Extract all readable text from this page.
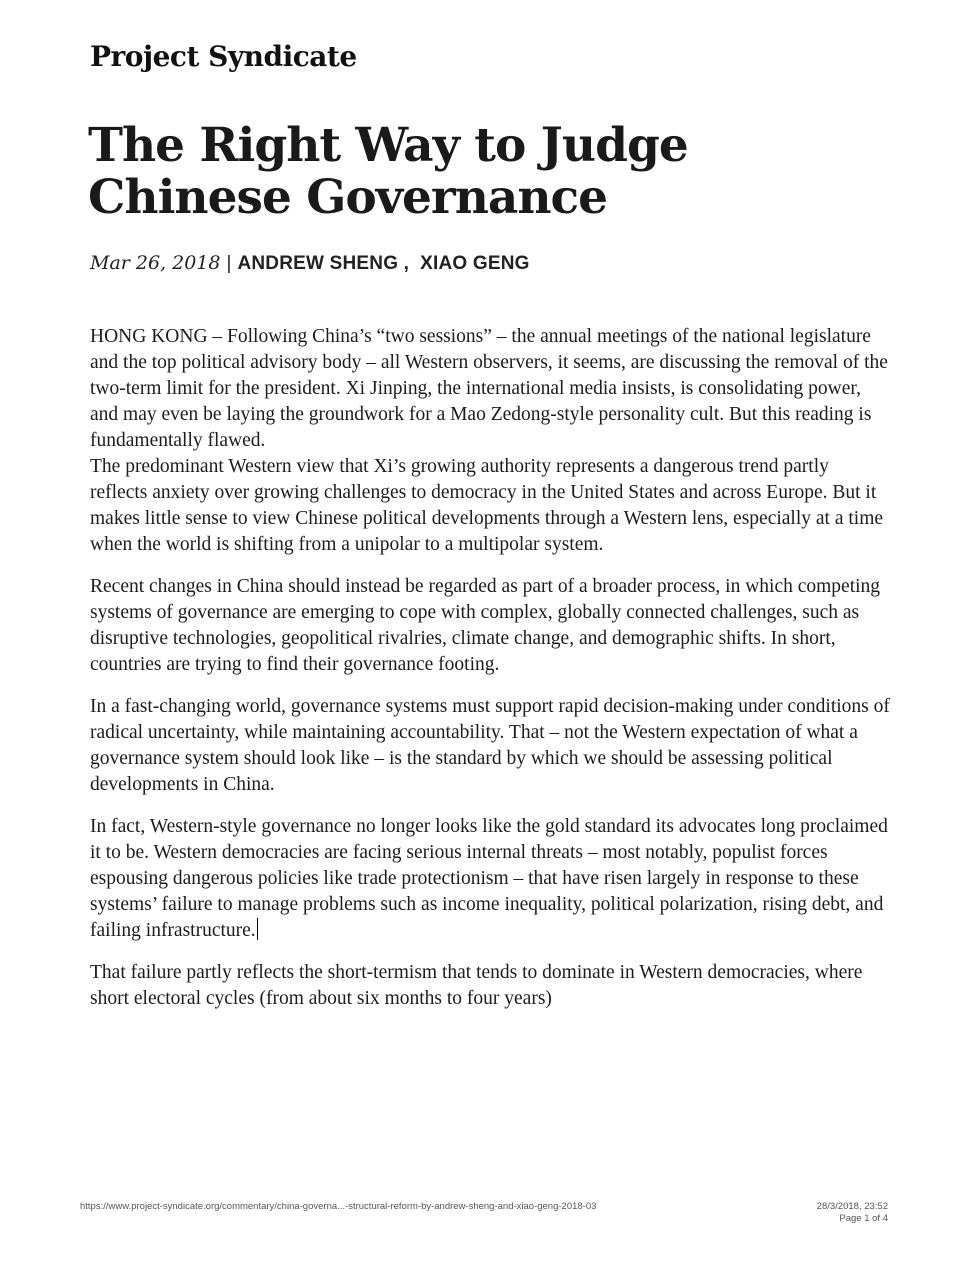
Project Syndicate
The Right Way to Judge Chinese Governance
Mar 26, 2018 | ANDREW SHENG ,  XIAO GENG

HONG KONG – Following China’s “two sessions” – the annual meetings of the national legislature and the top political advisory body – all Western observers, it seems, are discussing the removal of the two-term limit for the president. Xi Jinping, the international media insists, is consolidating power, and may even be laying the groundwork for a Mao Zedong-style personality cult. But this reading is fundamentally flawed.

The predominant Western view that Xi’s growing authority represents a dangerous trend partly reflects anxiety over growing challenges to democracy in the United States and across Europe. But it makes little sense to view Chinese political developments through a Western lens, especially at a time when the world is shifting from a unipolar to a multipolar system.

Recent changes in China should instead be regarded as part of a broader process, in which competing systems of governance are emerging to cope with complex, globally connected challenges, such as disruptive technologies, geopolitical rivalries, climate change, and demographic shifts. In short, countries are trying to find their governance footing.

In a fast-changing world, governance systems must support rapid decision-making under conditions of radical uncertainty, while maintaining accountability. That – not the Western expectation of what a governance system should look like – is the standard by which we should be assessing political developments in China.

In fact, Western-style governance no longer looks like the gold standard its advocates long proclaimed it to be. Western democracies are facing serious internal threats – most notably, populist forces espousing dangerous policies like trade protectionism – that have risen largely in response to these systems’ failure to manage problems such as income inequality, political polarization, rising debt, and failing infrastructure.

That failure partly reflects the short-termism that tends to dominate in Western democracies, where short electoral cycles (from about six months to four years)

https://www.project-syndicate.org/commentary/china-governa...-structural-reform-by-andrew-sheng-and-xiao-geng-2018-03	28/3/2018, 23:52
Page 1 of 4
